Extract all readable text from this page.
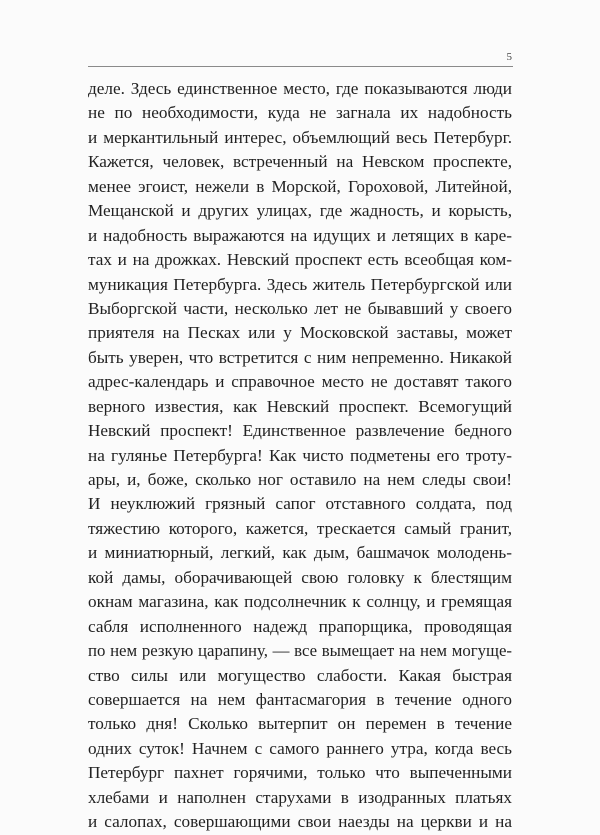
5
деле. Здесь единственное место, где показываются люди
не по необходимости, куда не загнала их надобность
и меркантильный интерес, объемлющий весь Петербург.
Кажется, человек, встреченный на Невском проспекте,
менее эгоист, нежели в Морской, Гороховой, Литейной,
Мещанской и других улицах, где жадность, и корысть,
и надобность выражаются на идущих и летящих в каре-
тах и на дрожках. Невский проспект есть всеобщая ком-
муникация Петербурга. Здесь житель Петербургской или
Выборгской части, несколько лет не бывавший у своего
приятеля на Песках или у Московской заставы, может
быть уверен, что встретится с ним непременно. Никакой
адрес-календарь и справочное место не доставят такого
верного известия, как Невский проспект. Всемогущий
Невский проспект! Единственное развлечение бедного
на гулянье Петербурга! Как чисто подметены его троту-
ары, и, боже, сколько ног оставило на нем следы свои!
И неуклюжий грязный сапог отставного солдата, под
тяжестию которого, кажется, трескается самый гранит,
и миниатюрный, легкий, как дым, башмачок молодень-
кой дамы, оборачивающей свою головку к блестящим
окнам магазина, как подсолнечник к солнцу, и гремящая
сабля исполненного надежд прапорщика, проводящая
по нем резкую царапину, — все вымещает на нем могуще-
ство силы или могущество слабости. Какая быстрая
совершается на нем фантасмагория в течение одного
только дня! Сколько вытерпит он перемен в течение
одних суток! Начнем с самого раннего утра, когда весь
Петербург пахнет горячими, только что выпеченными
хлебами и наполнен старухами в изодранных платьях
и салопах, совершающими свои наезды на церкви и на
